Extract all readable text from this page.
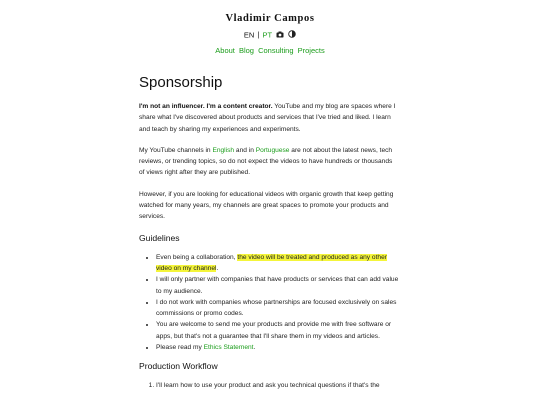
Vladimir Campos
EN | PT
About Blog Consulting Projects
Sponsorship

I'm not an influencer. I'm a content creator. YouTube and my blog are spaces where I share what I've discovered about products and services that I've tried and liked. I learn and teach by sharing my experiences and experiments.

My YouTube channels in English and in Portuguese are not about the latest news, tech reviews, or trending topics, so do not expect the videos to have hundreds or thousands of views right after they are published.

However, if you are looking for educational videos with organic growth that keep getting watched for many years, my channels are great spaces to promote your products and services.

Guidelines
• Even being a collaboration, the video will be treated and produced as any other video on my channel.
• I will only partner with companies that have products or services that can add value to my audience.
• I do not work with companies whose partnerships are focused exclusively on sales commissions or promo codes.
• You are welcome to send me your products and provide me with free software or apps, but that's not a guarantee that I'll share them in my videos and articles.
• Please read my Ethics Statement.
Production Workflow
1. I'll learn how to use your product and ask you technical questions if that's the
